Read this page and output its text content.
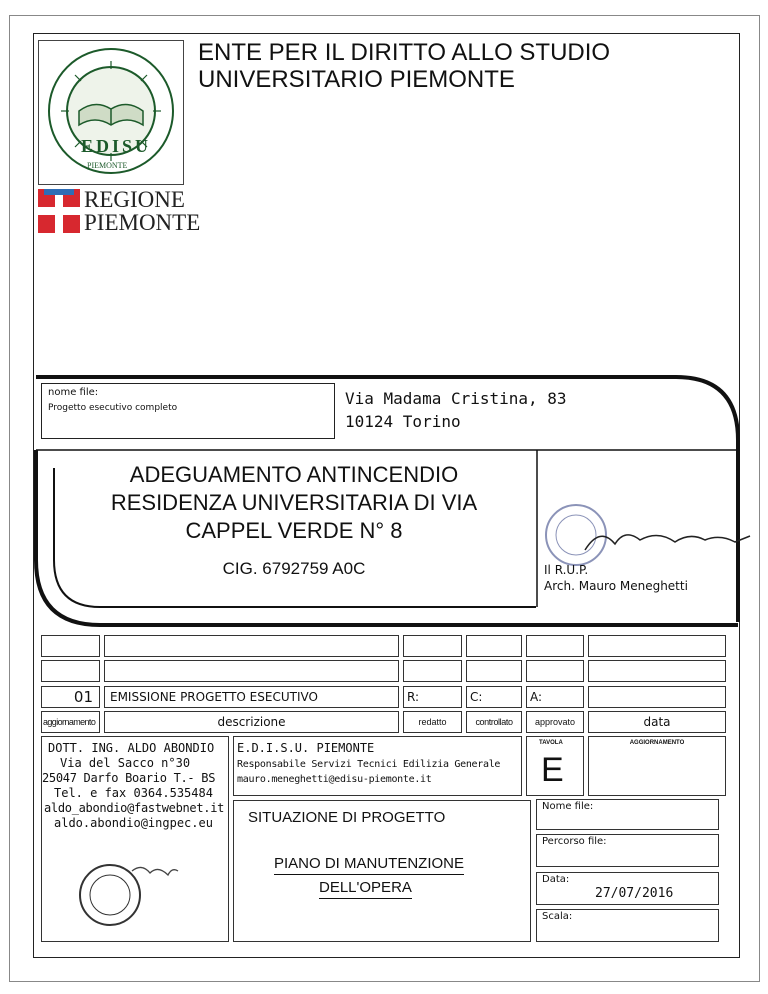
EDISU
PIEMONTE
REGIONE
PIEMONTE
ENTE PER IL DIRITTO ALLO STUDIO
UNIVERSITARIO PIEMONTE
nome file:
Progetto esecutivo completo	Via Madama Cristina, 83
10124 Torino
ADEGUAMENTO ANTINCENDIO
RESIDENZA UNIVERSITARIA DI VIA
CAPPEL VERDE N° 8
CIG. 6792759 A0C	Il R.U.P.
Arch. Mauro Meneghetti
01 EMISSIONE PROGETTO ESECUTIVO	R:	C:	A:
aggiornamento	descrizione	redatto	controllato	approvato	data
DOTT. ING. ALDO ABONDIO
Via del Sacco n°30
25047 Darfo Boario T.- BS
Tel. e fax 0364.535484
aldo_abondio@fastwebnet.it
aldo.abondio@ingpec.eu
E.D.I.S.U. PIEMONTE
Responsabile Servizi Tecnici Edilizia Generale
mauro.meneghetti@edisu-piemonte.it
TAVOLA
E
AGGIORNAMENTO
SITUAZIONE DI PROGETTO
PIANO DI MANUTENZIONE
DELL'OPERA
Nome file:
Percorso file:
Data:
27/07/2016
Scala:
